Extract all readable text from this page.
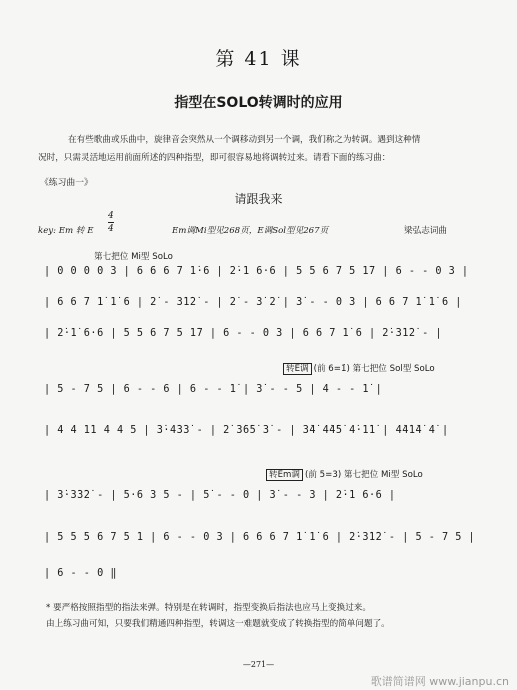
第 41 课
指型在SOLO转调时的应用
在有些歌曲或乐曲中，旋律音会突然从一个调移动到另一个调，我们称之为转调。遇到这种情
况时，只需灵活地运用前面所述的四种指型，即可很容易地将调转过来。请看下面的练习曲：
《练习曲一》
请跟我来
key: Em 转 E
4
4	Em调Mi型见268页，E调Sol型见267页	梁弘志词曲
第七把位 Mi型 SoLo
| 0 0 0 0 3 | 6 6 6 7 1̇·6 | 2̇·1 6·6 | 5 5 6 7 5 1̇7 | 6 - - 0 3 |
| 6 6 7 1̇ 1̇ 6 | 2̇ - 3̇1̇2̇ - | 2̇ - 3̇ 2̇ | 3̇ - - 0 3 | 6 6 7 1̇ 1̇ 6 |
| 2̇·1̇ 6·6 | 5 5 6 7 5 1̇7 | 6 - - 0 3 | 6 6 7 1̇ 6 | 2̇·3̇1̇2̇ - |
转E调 (前 6=1̇) 第七把位 Sol型 SoLo
| 5 - 7 5 | 6 - - 6 | 6 - - 1̇ | 3̇ - - 5 | 4 - - 1̇ |
| 4 4 1̇1 4 4 5 | 3̇·4̇3̇3̇ - | 2̇ 3̇6̇5̇ 3̇ - | 3̇4̇ 4̇4̇5̇ 4̇·1̇1̇ | 4̇4̇1̇4̇ 4̇ |
转Em调 (前 5=3) 第七把位 Mi型 SoLo
| 3̇·3̇3̇2̇ - | 5·6 3 5 - | 5̇ - - 0 | 3̇ - - 3 | 2̇·1 6·6 |
| 5 5 5 6 7 5 1 | 6 - - 0 3 | 6 6 6 7 1̇ 1̇ 6 | 2̇·3̇1̇2̇ - | 5 - 7 5 |
| 6 - - 0 ‖
* 要严格按照指型的指法来弹。特别是在转调时，指型变换后指法也应马上变换过来。
由上练习曲可知，只要我们精通四种指型，转调这一难题就变成了转换指型的简单问题了。
—271—
歌谱简谱网 www.jianpu.cn
